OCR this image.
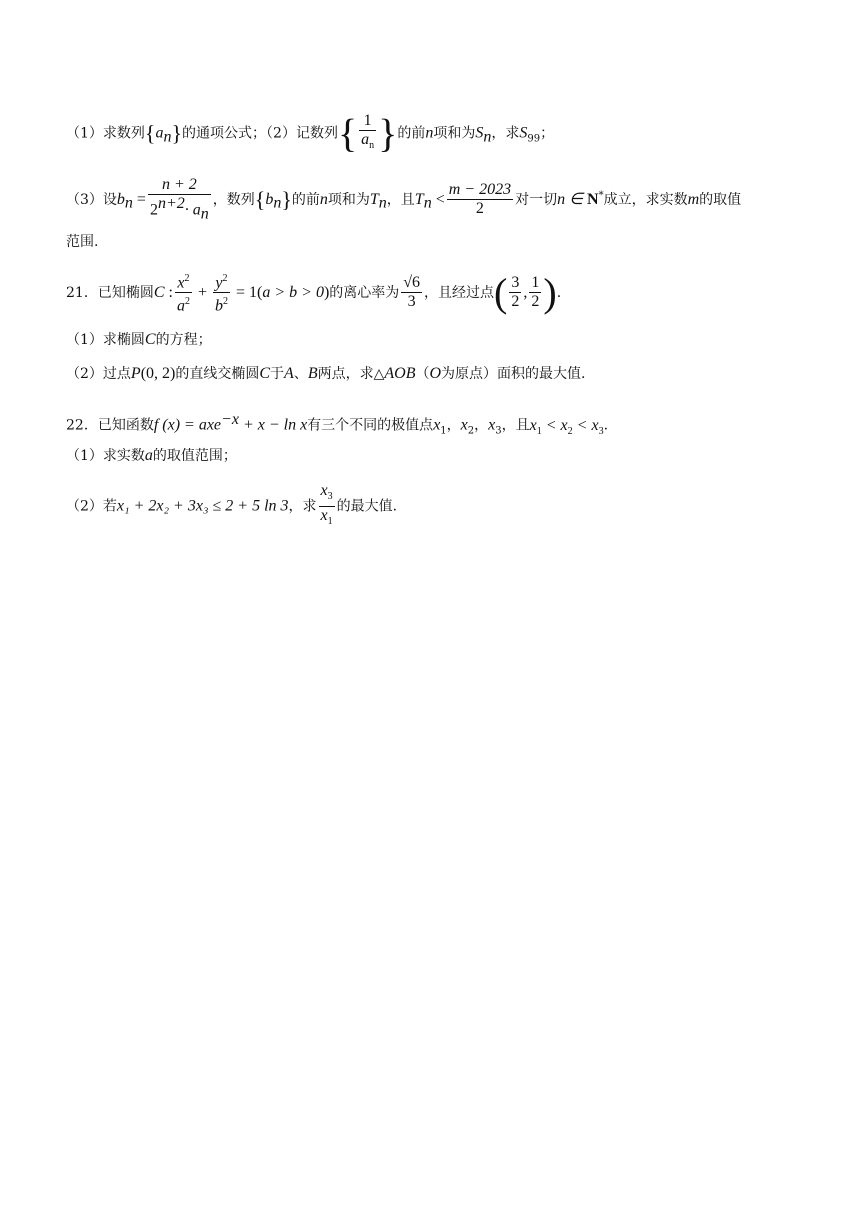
（1）求数列$\{a_n\}$的通项公式；（2）记数列{ $\frac{1}{a_n}$ }的前n项和为$S_n$，求$S_{99}$；
（3）设$b_n = \frac{n + 2}{2^{n+2}\cdot a_n}$ ，数列$\{b_n\}$的前n项和为$T_n$，且$T_n < \frac{m - 2023}{2}$ 对一切n ∈ N*成立，求实数m的取值
范围.
21．已知椭圆C : $\frac{x^2}{a^2} + \frac{y^2}{b^2} = 1(a > b > 0)$的离心率为 $\frac{√6}{3}$ ，且经过点( $\frac{3}{2}$ , $\frac{1}{2}$ ).
（1）求椭圆C的方程；
（2）过点P(0, 2)的直线交椭圆C于A、B两点，求△AOB（O为原点）面积的最大值.
22．已知函数f (x) = axe$^{-x}$ + x − ln x有三个不同的极值点$x_1$，$x_2$，$x_3$，且$x_1 < x_2 < x_3$.
（1）求实数a的取值范围；
（2）若x₁ + 2x₂ + 3x₃ ≤ 2 + 5 ln 3，求 $\frac{x_3}{x_1}$ 的最大值.
